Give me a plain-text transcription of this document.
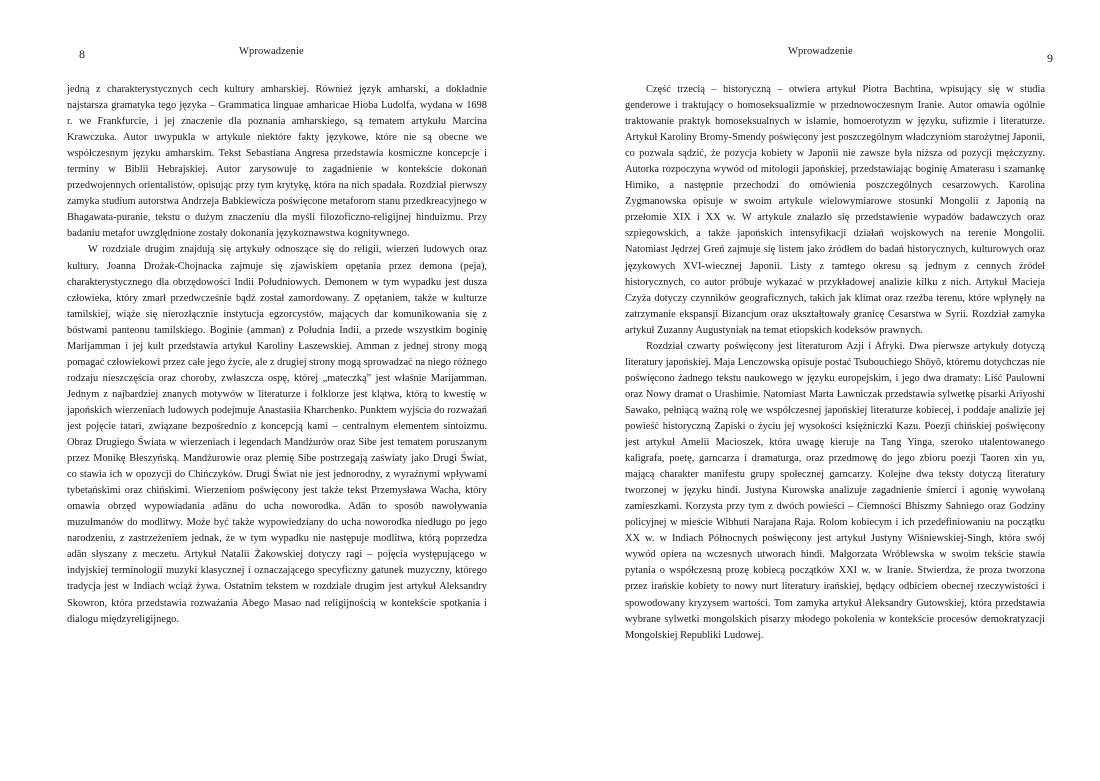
8	Wprowadzenie

jedną z charakterystycznych cech kultury amharskiej. Również język amharski, a dokładnie najstarsza gramatyka tego języka – Grammatica linguae amharicae Hioba Ludolfa, wydana w 1698 r. we Frankfurcie, i jej znaczenie dla poznania amharskiego, są tematem artykułu Marcina Krawczuka. Autor uwypukla w artykule niektóre fakty językowe, które nie są obecne we współczesnym języku amharskim. Tekst Sebastiana Angresa przedstawia kosmiczne koncepcje i terminy w Biblii Hebrajskiej. Autor zarysowuje to zagadnienie w kontekście dokonań przedwojennych orientalistów, opisując przy tym krytykę, która na nich spadała. Rozdział pierwszy zamyka studium autorstwa Andrzeja Babkiewicza poświęcone metaforom stanu przedkreacyjnego w Bhagawata-puranie, tekstu o dużym znaczeniu dla myśli filozoficzno-religijnej hinduizmu. Przy badaniu metafor uwzględnione zostały dokonania językoznawstwa kognitywnego.

W rozdziale drugim znajdują się artykuły odnoszące się do religii, wierzeń ludowych oraz kultury. Joanna Drożak-Chojnacka zajmuje się zjawiskiem opętania przez demona (peja), charakterystycznego dla obrzędowości Indii Południowych. Demonem w tym wypadku jest dusza człowieka, który zmarł przedwcześnie bądź został zamordowany. Z opętaniem, także w kulturze tamilskiej, wiąże się nierozłącznie instytucja egzorcystów, mających dar komunikowania się z bóstwami panteonu tamilskiego. Boginie (amman) z Południa Indii, a przede wszystkim boginię Marijamman i jej kult przedstawia artykuł Karoliny Łaszewskiej. Amman z jednej strony mogą pomagać człowiekowi przez całe jego życie, ale z drugiej strony mogą sprowadzać na niego różnego rodzaju nieszczęścia oraz choroby, zwłaszcza ospę, której „mateczką” jest właśnie Marijamman. Jednym z najbardziej znanych motywów w literaturze i folklorze jest klątwa, którą to kwestię w japońskich wierzeniach ludowych podejmuje Anastasiia Kharchenko. Punktem wyjścia do rozważań jest pojęcie tatari, związane bezpośrednio z koncepcją kami – centralnym elementem sintoizmu. Obraz Drugiego Świata w wierzeniach i legendach Mandżurów oraz Sibe jest tematem poruszanym przez Monikę Błeszyńską. Mandżurowie oraz plemię Sibe postrzegają zaświaty jako Drugi Świat, co stawia ich w opozycji do Chińczyków. Drugi Świat nie jest jednorodny, z wyraźnymi wpływami tybetańskimi oraz chińskimi. Wierzeniom poświęcony jest także tekst Przemysława Wacha, który omawia obrzęd wypowiadania adānu do ucha noworodka. Adān to sposób nawoływania muzułmanów do modlitwy. Może być także wypowiedziany do ucha noworodka niedługo po jego narodzeniu, z zastrzeżeniem jednak, że w tym wypadku nie następuje modlitwa, którą poprzedza adān słyszany z meczetu. Artykuł Natalii Żakowskiej dotyczy ragi – pojęcia występującego w indyjskiej terminologii muzyki klasycznej i oznaczającego specyficzny gatunek muzyczny, którego tradycja jest w Indiach wciąż żywa. Ostatnim tekstem w rozdziale drugim jest artykuł Aleksandry Skowron, która przedstawia rozważania Abego Masao nad religijnością w kontekście spotkania i dialogu międzyreligijnego.

Wprowadzenie	9

Część trzecią – historyczną – otwiera artykuł Piotra Bachtina, wpisujący się w studia genderowe i traktujący o homoseksualizmie w przednowoczesnym Iranie. Autor omawia ogólnie traktowanie praktyk homoseksualnych w islamie, homoerotyzm w języku, sufizmie i literaturze. Artykuł Karoliny Bromy-Smendy poświęcony jest poszczególnym władczyniom starożytnej Japonii, co pozwala sądzić, że pozycja kobiety w Japonii nie zawsze była niższa od pozycji mężczyzny. Autorka rozpoczyna wywód od mitologii japońskiej, przedstawiając boginię Amaterasu i szamankę Himiko, a następnie przechodzi do omówienia poszczególnych cesarzowych. Karolina Zygmanowska opisuje w swoim artykule wielowymiarowe stosunki Mongolii z Japonią na przełomie XIX i XX w. W artykule znalazło się przedstawienie wypadów badawczych oraz szpiegowskich, a także japońskich intensyfikacji działań wojskowych na terenie Mongolii. Natomiast Jędrzej Greń zajmuje się listem jako źródłem do badań historycznych, kulturowych oraz językowych XVI-wiecznej Japonii. Listy z tamtego okresu są jednym z cennych źródeł historycznych, co autor próbuje wykazać w przykładowej analizie kilku z nich. Artykuł Macieja Czyża dotyczy czynników geograficznych, takich jak klimat oraz rzeźba terenu, które wpłynęły na zatrzymanie ekspansji Bizancjum oraz ukształtowały granicę Cesarstwa w Syrii. Rozdział zamyka artykuł Zuzanny Augustyniak na temat etiopskich kodeksów prawnych.

Rozdział czwarty poświęcony jest literaturom Azji i Afryki. Dwa pierwsze artykuły dotyczą literatury japońskiej. Maja Lenczowska opisuje postać Tsubouchiego Shōyō, któremu dotychczas nie poświęcono żadnego tekstu naukowego w języku europejskim, i jego dwa dramaty: Liść Paulowni oraz Nowy dramat o Urashimie. Natomiast Marta Ławniczak przedstawia sylwetkę pisarki Ariyoshi Sawako, pełniącą ważną rolę we współczesnej japońskiej literaturze kobiecej, i poddaje analizie jej powieść historyczną Zapiski o życiu jej wysokości księżniczki Kazu. Poezji chińskiej poświęcony jest artykuł Amelii Macioszek, która uwagę kieruje na Tang Yinga, szeroko utalentowanego kaligrafa, poetę, garncarza i dramaturga, oraz przedmowę do jego zbioru poezji Taoren xin yu, mającą charakter manifestu grupy społecznej garncarzy. Kolejne dwa teksty dotyczą literatury tworzonej w języku hindi. Justyna Kurowska analizuje zagadnienie śmierci i agonię wywołaną zamieszkami. Korzysta przy tym z dwóch powieści – Ciemności Bhiszmy Sahniego oraz Godziny policyjnej w mieście Wibhuti Narajana Raja. Rolom kobiecym i ich przedefiniowaniu na początku XX w. w Indiach Północnych poświęcony jest artykuł Justyny Wiśniewskiej-Singh, która swój wywód opiera na wczesnych utworach hindi. Małgorzata Wróblewska w swoim tekście stawia pytania o współczesną prozę kobiecą początków XXI w. w Iranie. Stwierdza, że proza tworzona przez irańskie kobiety to nowy nurt literatury irańskiej, będący odbiciem obecnej rzeczywistości i spowodowany kryzysem wartości. Tom zamyka artykuł Aleksandry Gutowskiej, która przedstawia wybrane sylwetki mongolskich pisarzy młodego pokolenia w kontekście procesów demokratyzacji Mongolskiej Republiki Ludowej.
